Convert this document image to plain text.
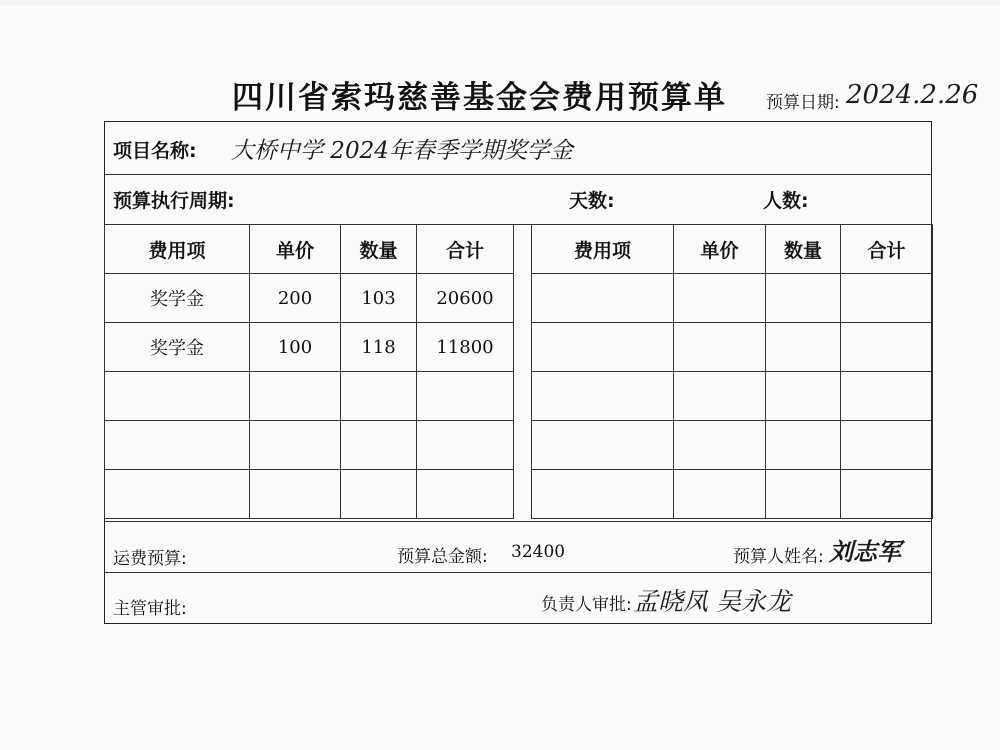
四川省索玛慈善基金会费用预算单 预算日期: 2024.2.26
项目名称: 大桥中学 2024年春季学期奖学金
预算执行周期:	天数:	人数:
费用项	单价	数量	合计
奖学金	200	103	20600
奖学金	100	118	11800

费用项	单价	数量	合计

运费预算:	预算总金额: 32400	预算人姓名: 刘志军
主管审批:	负责人审批: 孟晓凤 吴永龙
